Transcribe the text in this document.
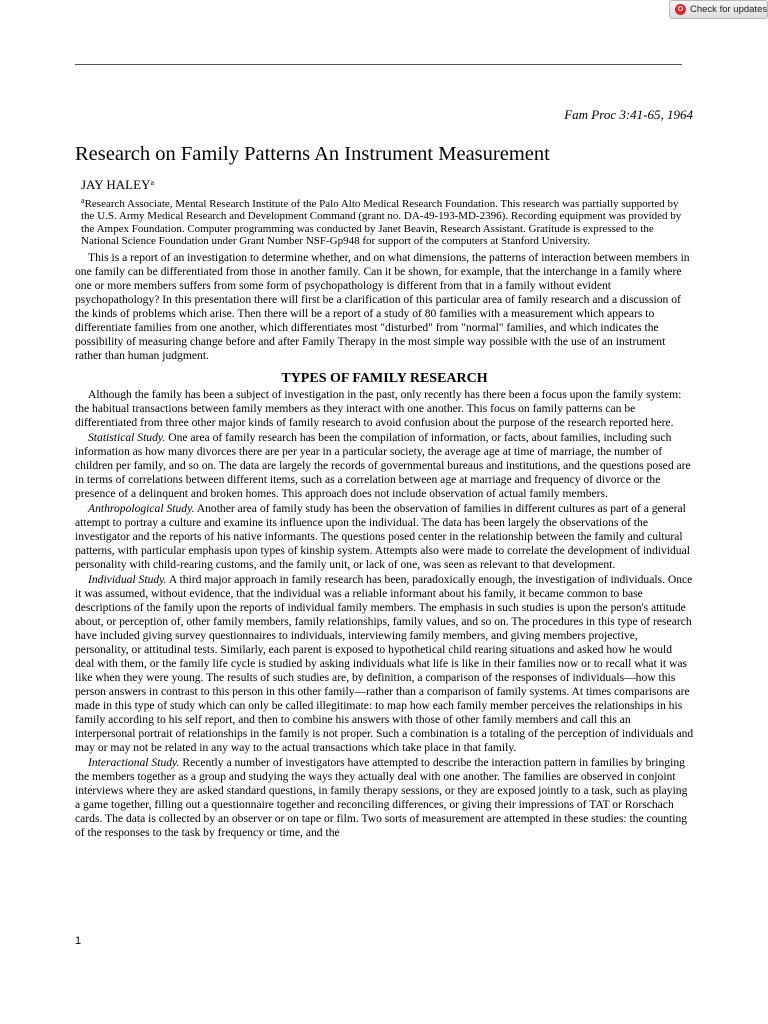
Check for updates
Fam Proc 3:41-65, 1964
Research on Family Patterns An Instrument Measurement
JAY HALEY$^a$

$^a$Research Associate, Mental Research Institute of the Palo Alto Medical Research Foundation. This research was partially supported by the U.S. Army Medical Research and Development Command (grant no. DA-49-193-MD-2396). Recording equipment was provided by the Ampex Foundation. Computer programming was conducted by Janet Beavin, Research Assistant. Gratitude is expressed to the National Science Foundation under Grant Number NSF-Gp948 for support of the computers at Stanford University.

This is a report of an investigation to determine whether, and on what dimensions, the patterns of interaction between members in one family can be differentiated from those in another family. Can it be shown, for example, that the interchange in a family where one or more members suffers from some form of psychopathology is different from that in a family without evident psychopathology? In this presentation there will first be a clarification of this particular area of family research and a discussion of the kinds of problems which arise. Then there will be a report of a study of 80 families with a measurement which appears to differentiate families from one another, which differentiates most "disturbed" from "normal" families, and which indicates the possibility of measuring change before and after Family Therapy in the most simple way possible with the use of an instrument rather than human judgment.

TYPES OF FAMILY RESEARCH

Although the family has been a subject of investigation in the past, only recently has there been a focus upon the family system: the habitual transactions between family members as they interact with one another. This focus on family patterns can be differentiated from three other major kinds of family research to avoid confusion about the purpose of the research reported here.

Statistical Study. One area of family research has been the compilation of information, or facts, about families, including such information as how many divorces there are per year in a particular society, the average age at time of marriage, the number of children per family, and so on. The data are largely the records of governmental bureaus and institutions, and the questions posed are in terms of correlations between different items, such as a correlation between age at marriage and frequency of divorce or the presence of a delinquent and broken homes. This approach does not include observation of actual family members.

Anthropological Study. Another area of family study has been the observation of families in different cultures as part of a general attempt to portray a culture and examine its influence upon the individual. The data has been largely the observations of the investigator and the reports of his native informants. The questions posed center in the relationship between the family and cultural patterns, with particular emphasis upon types of kinship system. Attempts also were made to correlate the development of individual personality with child-rearing customs, and the family unit, or lack of one, was seen as relevant to that development.

Individual Study. A third major approach in family research has been, paradoxically enough, the investigation of individuals. Once it was assumed, without evidence, that the individual was a reliable informant about his family, it became common to base descriptions of the family upon the reports of individual family members. The emphasis in such studies is upon the person's attitude about, or perception of, other family members, family relationships, family values, and so on. The procedures in this type of research have included giving survey questionnaires to individuals, interviewing family members, and giving members projective, personality, or attitudinal tests. Similarly, each parent is exposed to hypothetical child rearing situations and asked how he would deal with them, or the family life cycle is studied by asking individuals what life is like in their families now or to recall what it was like when they were young. The results of such studies are, by definition, a comparison of the responses of individuals—how this person answers in contrast to this person in this other family—rather than a comparison of family systems. At times comparisons are made in this type of study which can only be called illegitimate: to map how each family member perceives the relationships in his family according to his self report, and then to combine his answers with those of other family members and call this an interpersonal portrait of relationships in the family is not proper. Such a combination is a totaling of the perception of individuals and may or may not be related in any way to the actual transactions which take place in that family.

Interactional Study. Recently a number of investigators have attempted to describe the interaction pattern in families by bringing the members together as a group and studying the ways they actually deal with one another. The families are observed in conjoint interviews where they are asked standard questions, in family therapy sessions, or they are exposed jointly to a task, such as playing a game together, filling out a questionnaire together and reconciling differences, or giving their impressions of TAT or Rorschach cards. The data is collected by an observer or on tape or film. Two sorts of measurement are attempted in these studies: the counting of the responses to the task by frequency or time, and the

1
